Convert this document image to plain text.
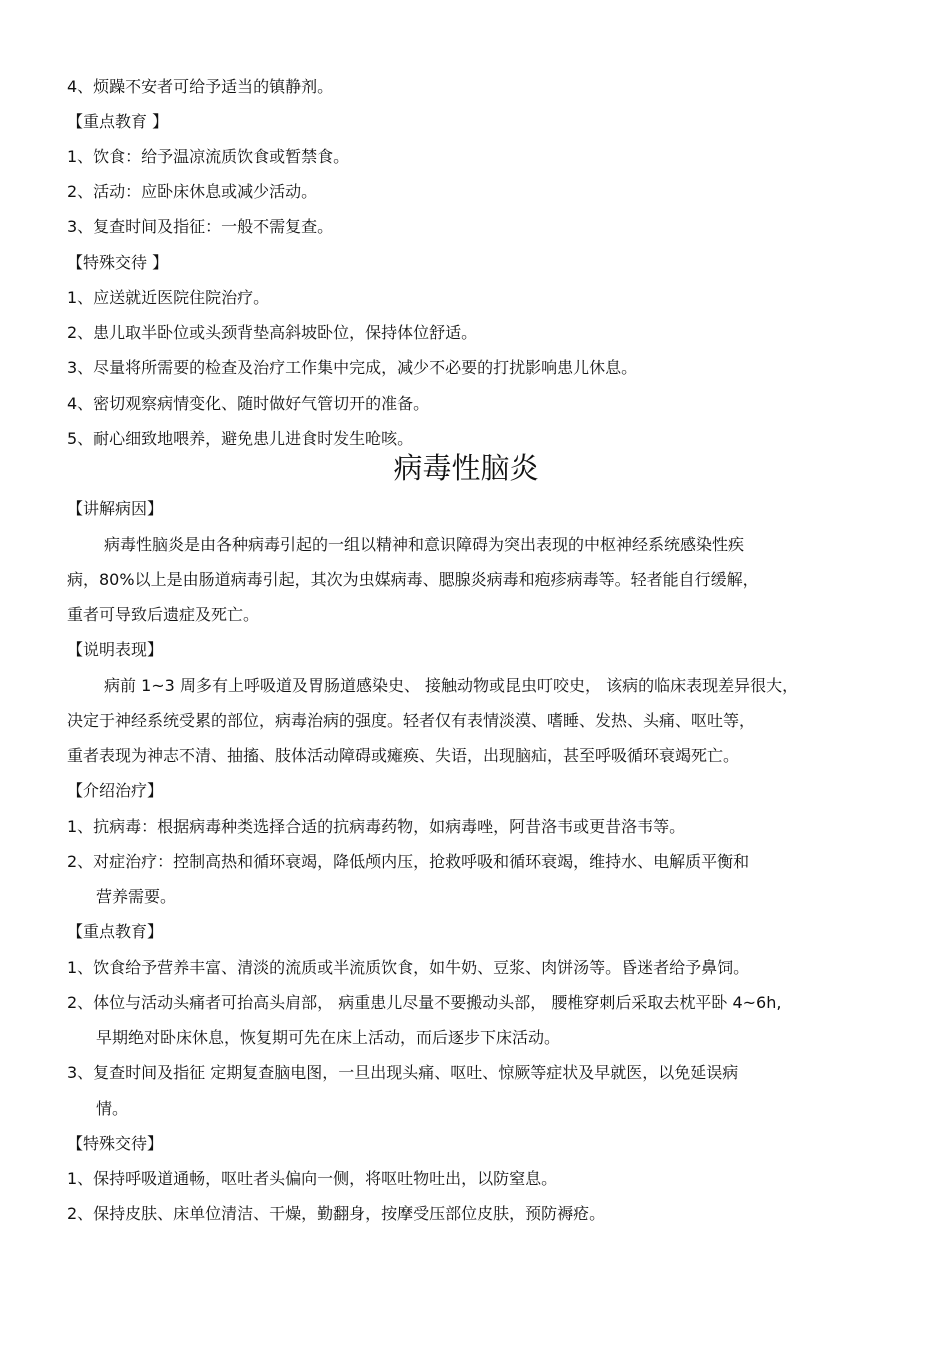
4、烦躁不安者可给予适当的镇静剂。

【重点教育 】

1、饮食：给予温凉流质饮食或暂禁食。

2、活动：应卧床休息或减少活动。

3、复查时间及指征：一般不需复查。

【特殊交待 】

1、应送就近医院住院治疗。

2、患儿取半卧位或头颈背垫高斜坡卧位，保持体位舒适。

3、尽量将所需要的检查及治疗工作集中完成，减少不必要的打扰影响患儿休息。

4、密切观察病情变化、随时做好气管切开的准备。

5、耐心细致地喂养，避免患儿进食时发生呛咳。

病毒性脑炎

【讲解病因】

病毒性脑炎是由各种病毒引起的一组以精神和意识障碍为突出表现的中枢神经系统感染性疾

病，80%以上是由肠道病毒引起，其次为虫媒病毒、腮腺炎病毒和疱疹病毒等。轻者能自行缓解，

重者可导致后遗症及死亡。

【说明表现】

病前 1~3 周多有上呼吸道及胃肠道感染史、 接触动物或昆虫叮咬史， 该病的临床表现差异很大，

决定于神经系统受累的部位，病毒治病的强度。轻者仅有表情淡漠、嗜睡、发热、头痛、呕吐等，

重者表现为神志不清、抽搐、肢体活动障碍或瘫痪、失语，出现脑疝，甚至呼吸循环衰竭死亡。

【介绍治疗】

1、抗病毒：根据病毒种类选择合适的抗病毒药物，如病毒唑，阿昔洛韦或更昔洛韦等。

2、对症治疗：控制高热和循环衰竭，降低颅内压，抢救呼吸和循环衰竭，维持水、电解质平衡和

营养需要。

【重点教育】

1、饮食给予营养丰富、清淡的流质或半流质饮食，如牛奶、豆浆、肉饼汤等。昏迷者给予鼻饲。

2、体位与活动头痛者可抬高头肩部， 病重患儿尽量不要搬动头部， 腰椎穿刺后采取去枕平卧 4~6h,

早期绝对卧床休息，恢复期可先在床上活动，而后逐步下床活动。

3、复查时间及指征 定期复查脑电图，一旦出现头痛、呕吐、惊厥等症状及早就医，以免延误病

情。

【特殊交待】

1、保持呼吸道通畅，呕吐者头偏向一侧，将呕吐物吐出，以防窒息。

2、保持皮肤、床单位清洁、干燥，勤翻身，按摩受压部位皮肤，预防褥疮。
